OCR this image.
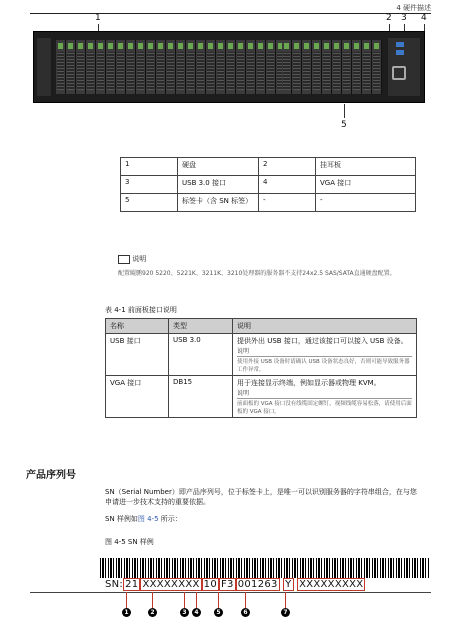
4 硬件描述
1	2 3 4
5
1	硬盘	2	挂耳板
3	USB 3.0 接口	4	VGA 接口
5	标签卡（含 SN 标签）	-	-
说明
配置鲲鹏920 5220、5221K、3211K、3210处理器的服务器不支持24x2.5 SAS/SATA直通硬盘配置。
表 4-1 前面板接口说明
名称	类型	说明
USB 接口	USB 3.0	提供外出 USB 接口，通过该接口可以接入 USB 设备。
说明
使用外接 USB 设备时请确认 USB 设备状态良好，否则可能导致服务器工作异常。

VGA 接口	DB15	用于连接显示终端，例如显示器或物理 KVM。
说明
前面板的 VGA 接口没有线缆固定螺钉，视频线缆容易松落，请使用后面板的 VGA 接口。
产品序列号
SN（Serial Number）即产品序列号，位于标签卡上，是唯一可以识别服务器的字符串组合，在与您申请进一步技术支持的重要依据。
SN 样例如图 4-5 所示：
图 4-5 SN 样例
SN: 21 XXXXXXXX 10 F3 001263 Y XXXXXXXXX
1	2	3	4	5	6	7
